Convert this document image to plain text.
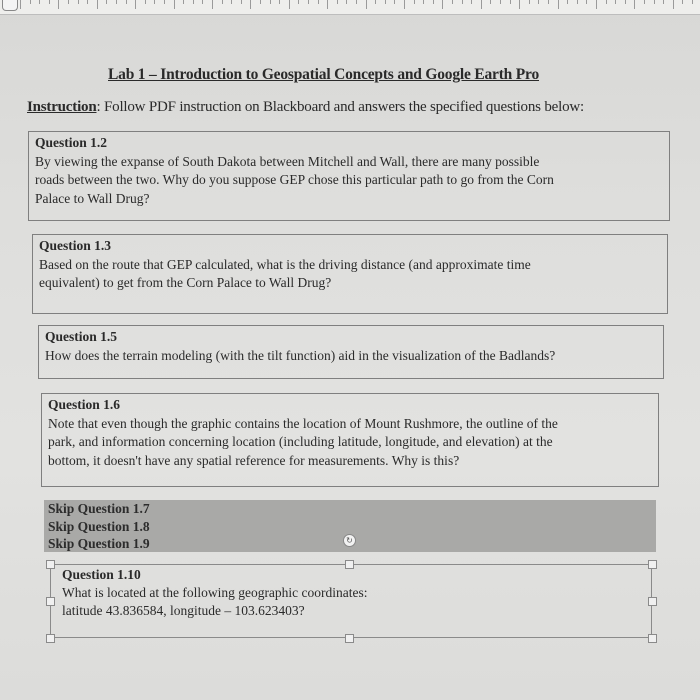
Lab 1 – Introduction to Geospatial Concepts and Google Earth Pro
Instruction: Follow PDF instruction on Blackboard and answers the specified questions below:
Question 1.2
By viewing the expanse of South Dakota between Mitchell and Wall, there are many possible
roads between the two. Why do you suppose GEP chose this particular path to go from the Corn
Palace to Wall Drug?
Question 1.3
Based on the route that GEP calculated, what is the driving distance (and approximate time
equivalent) to get from the Corn Palace to Wall Drug?
Question 1.5
How does the terrain modeling (with the tilt function) aid in the visualization of the Badlands?
Question 1.6
Note that even though the graphic contains the location of Mount Rushmore, the outline of the
park, and information concerning location (including latitude, longitude, and elevation) at the
bottom, it doesn't have any spatial reference for measurements. Why is this?
Skip Question 1.7
Skip Question 1.8
Skip Question 1.9	↻
Question 1.10
What is located at the following geographic coordinates:
latitude 43.836584, longitude – 103.623403?
